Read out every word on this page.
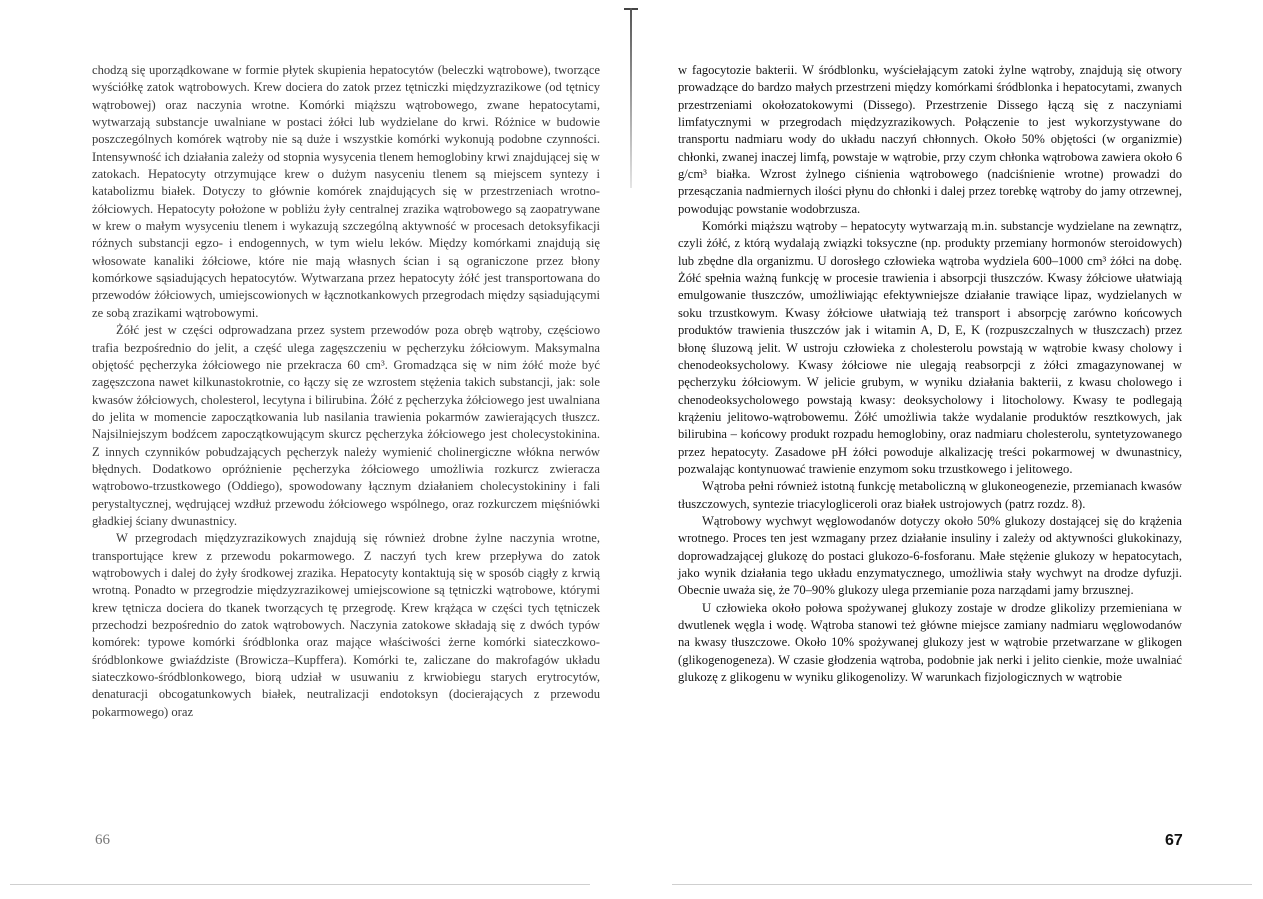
chodzą się uporządkowane w formie płytek skupienia hepatocytów (beleczki wątrobowe), tworzące wyściółkę zatok wątrobowych. Krew dociera do zatok przez tętniczki międzyzrazikowe (od tętnicy wątrobowej) oraz naczynia wrotne. Komórki miąższu wątrobowego, zwane hepatocytami, wytwarzają substancje uwalniane w postaci żółci lub wydzielane do krwi. Różnice w budowie poszczególnych komórek wątroby nie są duże i wszystkie komórki wykonują podobne czynności. Intensywność ich działania zależy od stopnia wysycenia tlenem hemoglobiny krwi znajdującej się w zatokach. Hepatocyty otrzymujące krew o dużym nasyceniu tlenem są miejscem syntezy i katabolizmu białek. Dotyczy to głównie komórek znajdujących się w przestrzeniach wrotno-żółciowych. Hepatocyty położone w pobliżu żyły centralnej zrazika wątrobowego są zaopatrywane w krew o małym wysyceniu tlenem i wykazują szczególną aktywność w procesach detoksyfikacji różnych substancji egzo- i endogennych, w tym wielu leków. Między komórkami znajdują się włosowate kanaliki żółciowe, które nie mają własnych ścian i są ograniczone przez błony komórkowe sąsiadujących hepatocytów. Wytwarzana przez hepatocyty żółć jest transportowana do przewodów żółciowych, umiejscowionych w łącznotkankowych przegrodach między sąsiadującymi ze sobą zrazikami wątrobowymi.

Żółć jest w części odprowadzana przez system przewodów poza obręb wątroby, częściowo trafia bezpośrednio do jelit, a część ulega zagęszczeniu w pęcherzyku żółciowym. Maksymalna objętość pęcherzyka żółciowego nie przekracza 60 cm³. Gromadząca się w nim żółć może być zagęszczona nawet kilkunastokrotnie, co łączy się ze wzrostem stężenia takich substancji, jak: sole kwasów żółciowych, cholesterol, lecytyna i bilirubina. Żółć z pęcherzyka żółciowego jest uwalniana do jelita w momencie zapoczątkowania lub nasilania trawienia pokarmów zawierających tłuszcz. Najsilniejszym bodźcem zapoczątkowującym skurcz pęcherzyka żółciowego jest cholecystokinina. Z innych czynników pobudzających pęcherzyk należy wymienić cholinergiczne włókna nerwów błędnych. Dodatkowo opróżnienie pęcherzyka żółciowego umożliwia rozkurcz zwieracza wątrobowo-trzustkowego (Oddiego), spowodowany łącznym działaniem cholecystokininy i fali perystaltycznej, wędrującej wzdłuż przewodu żółciowego wspólnego, oraz rozkurczem mięśniówki gładkiej ściany dwunastnicy.

W przegrodach międzyzrazikowych znajdują się również drobne żylne naczynia wrotne, transportujące krew z przewodu pokarmowego. Z naczyń tych krew przepływa do zatok wątrobowych i dalej do żyły środkowej zrazika. Hepatocyty kontaktują się w sposób ciągły z krwią wrotną. Ponadto w przegrodzie międzyzrazikowej umiejscowione są tętniczki wątrobowe, którymi krew tętnicza dociera do tkanek tworzących tę przegrodę. Krew krążąca w części tych tętniczek przechodzi bezpośrednio do zatok wątrobowych. Naczynia zatokowe składają się z dwóch typów komórek: typowe komórki śródblonka oraz mające właściwości żerne komórki siateczkowo-śródblonkowe gwiaździste (Browicza–Kupffera). Komórki te, zaliczane do makrofagów układu siateczkowo-śródblonkowego, biorą udział w usuwaniu z krwiobiegu starych erytrocytów, denaturacji obcogatunkowych białek, neutralizacji endotoksyn (docierających z przewodu pokarmowego) oraz

66

w fagocytozie bakterii. W śródblonku, wyściełającym zatoki żylne wątroby, znajdują się otwory prowadzące do bardzo małych przestrzeni między komórkami śródblonka i hepatocytami, zwanych przestrzeniami okołozatokowymi (Dissego). Przestrzenie Dissego łączą się z naczyniami limfatycznymi w przegrodach międzyzrazikowych. Połączenie to jest wykorzystywane do transportu nadmiaru wody do układu naczyń chłonnych. Około 50% objętości (w organizmie) chłonki, zwanej inaczej limfą, powstaje w wątrobie, przy czym chłonka wątrobowa zawiera około 6 g/cm³ białka. Wzrost żylnego ciśnienia wątrobowego (nadciśnienie wrotne) prowadzi do przesączania nadmiernych ilości płynu do chłonki i dalej przez torebkę wątroby do jamy otrzewnej, powodując powstanie wodobrzusza.

Komórki miąższu wątroby – hepatocyty wytwarzają m.in. substancje wydzielane na zewnątrz, czyli żółć, z którą wydalają związki toksyczne (np. produkty przemiany hormonów steroidowych) lub zbędne dla organizmu. U dorosłego człowieka wątroba wydziela 600–1000 cm³ żółci na dobę. Żółć spełnia ważną funkcję w procesie trawienia i absorpcji tłuszczów. Kwasy żółciowe ułatwiają emulgowanie tłuszczów, umożliwiając efektywniejsze działanie trawiące lipaz, wydzielanych w soku trzustkowym. Kwasy żółciowe ułatwiają też transport i absorpcję zarówno końcowych produktów trawienia tłuszczów jak i witamin A, D, E, K (rozpuszczalnych w tłuszczach) przez błonę śluzową jelit. W ustroju człowieka z cholesterolu powstają w wątrobie kwasy cholowy i chenodeoksycholowy. Kwasy żółciowe nie ulegają reabsorpcji z żółci zmagazynowanej w pęcherzyku żółciowym. W jelicie grubym, w wyniku działania bakterii, z kwasu cholowego i chenodeoksycholowego powstają kwasy: deoksycholowy i litocholowy. Kwasy te podlegają krążeniu jelitowo-wątrobowemu. Żółć umożliwia także wydalanie produktów resztkowych, jak bilirubina – końcowy produkt rozpadu hemoglobiny, oraz nadmiaru cholesterolu, syntetyzowanego przez hepatocyty. Zasadowe pH żółci powoduje alkalizację treści pokarmowej w dwunastnicy, pozwalając kontynuować trawienie enzymom soku trzustkowego i jelitowego.

Wątroba pełni również istotną funkcję metaboliczną w glukoneogenezie, przemianach kwasów tłuszczowych, syntezie triacylogliceroli oraz białek ustrojowych (patrz rozdz. 8).

Wątrobowy wychwyt węglowodanów dotyczy około 50% glukozy dostającej się do krążenia wrotnego. Proces ten jest wzmagany przez działanie insuliny i zależy od aktywności glukokinazy, doprowadzającej glukozę do postaci glukozo-6-fosforanu. Małe stężenie glukozy w hepatocytach, jako wynik działania tego układu enzymatycznego, umożliwia stały wychwyt na drodze dyfuzji. Obecnie uważa się, że 70–90% glukozy ulega przemianie poza narządami jamy brzusznej.

U człowieka około połowa spożywanej glukozy zostaje w drodze glikolizy przemieniana w dwutlenek węgla i wodę. Wątroba stanowi też główne miejsce zamiany nadmiaru węglowodanów na kwasy tłuszczowe. Około 10% spożywanej glukozy jest w wątrobie przetwarzane w glikogen (glikogenogeneza). W czasie głodzenia wątroba, podobnie jak nerki i jelito cienkie, może uwalniać glukozę z glikogenu w wyniku glikogenolizy. W warunkach fizjologicznych w wątrobie

67
